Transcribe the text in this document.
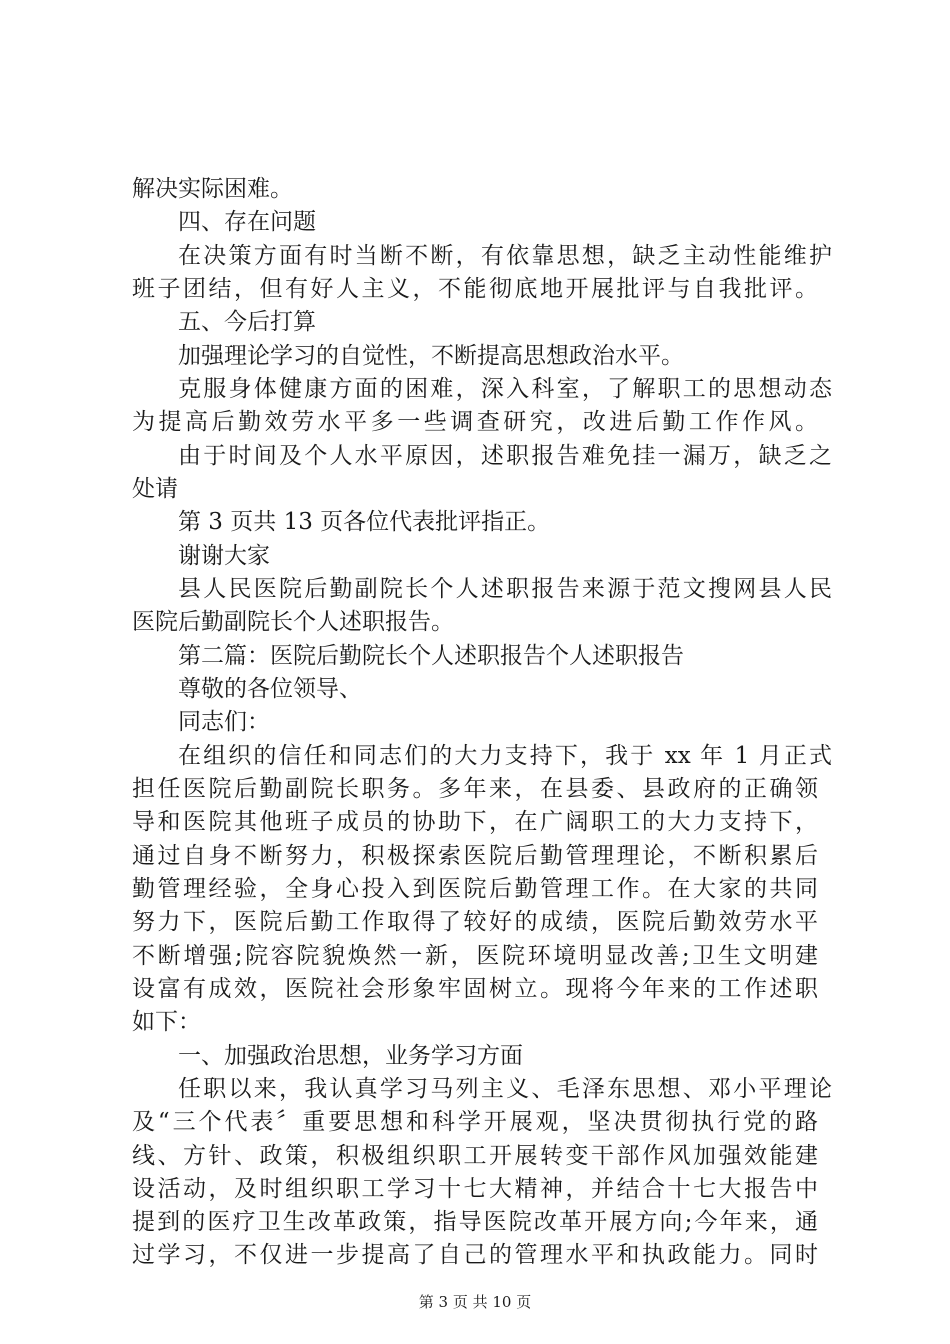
解决实际困难。
四、存在问题
在决策方面有时当断不断，有依靠思想，缺乏主动性能维护
班子团结，但有好人主义，不能彻底地开展批评与自我批评。
五、今后打算
加强理论学习的自觉性，不断提高思想政治水平。
克服身体健康方面的困难，深入科室，了解职工的思想动态
为提高后勤效劳水平多一些调查研究，改进后勤工作作风。
由于时间及个人水平原因，述职报告难免挂一漏万，缺乏之
处请
第 3 页共 13 页各位代表批评指正。
谢谢大家
县人民医院后勤副院长个人述职报告来源于范文搜网县人民
医院后勤副院长个人述职报告。
第二篇：医院后勤院长个人述职报告个人述职报告
尊敬的各位领导、
同志们：
在组织的信任和同志们的大力支持下，我于 xx 年 1 月正式
担任医院后勤副院长职务。多年来，在县委、县政府的正确领
导和医院其他班子成员的协助下，在广阔职工的大力支持下，
通过自身不断努力，积极探索医院后勤管理理论，不断积累后
勤管理经验，全身心投入到医院后勤管理工作。在大家的共同
努力下，医院后勤工作取得了较好的成绩，医院后勤效劳水平
不断增强;院容院貌焕然一新，医院环境明显改善;卫生文明建
设富有成效，医院社会形象牢固树立。现将今年来的工作述职
如下：
一、加强政治思想，业务学习方面
任职以来，我认真学习马列主义、毛泽东思想、邓小平理论
及“三个代表〞重要思想和科学开展观，坚决贯彻执行党的路
线、方针、政策，积极组织职工开展转变干部作风加强效能建
设活动，及时组织职工学习十七大精神，并结合十七大报告中
提到的医疗卫生改革政策，指导医院改革开展方向;今年来，通
过学习，不仅进一步提高了自己的管理水平和执政能力。同时
第 3 页 共 10 页
